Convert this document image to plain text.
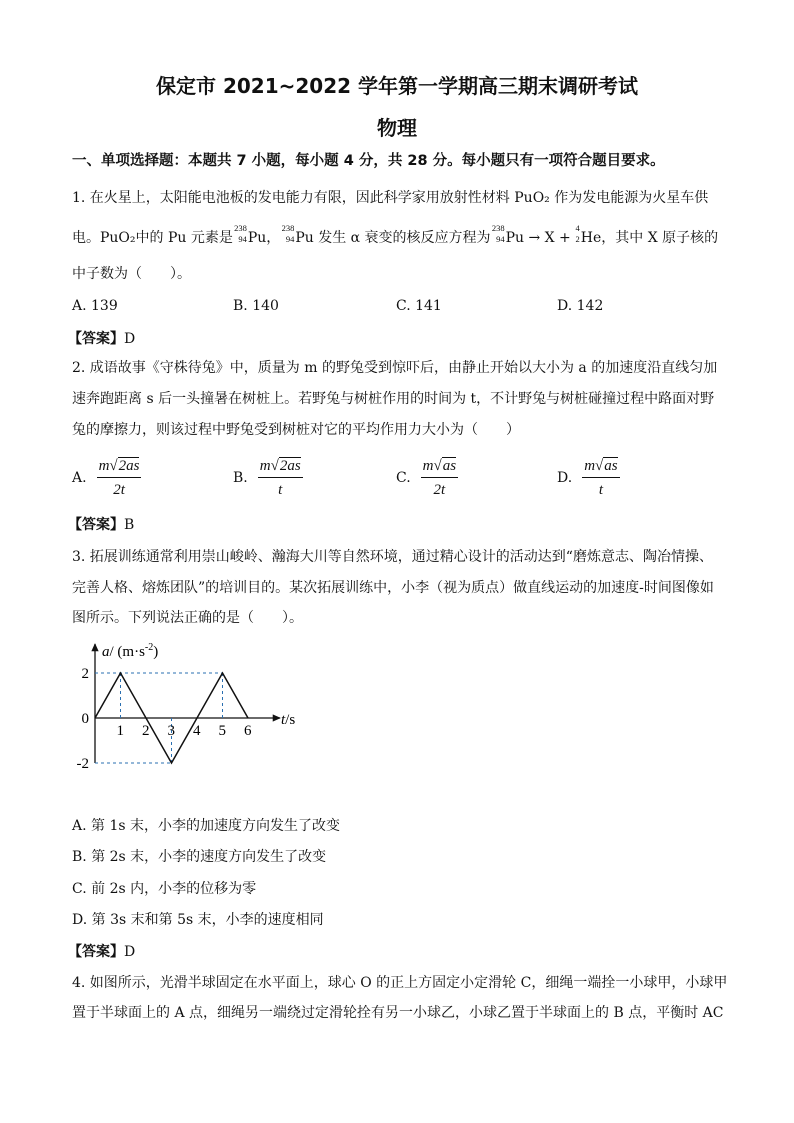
保定市 2021~2022 学年第一学期高三期末调研考试
物理
一、单项选择题：本题共 7 小题，每小题 4 分，共 28 分。每小题只有一项符合题目要求。
1. 在火星上，太阳能电池板的发电能力有限，因此科学家用放射性材料 PuO₂ 作为发电能源为火星车供
电。PuO₂中的 Pu 元素是
238
94 Pu，
238
94 Pu 发生 α 衰变的核反应方程为
238
94 Pu → X +
4
2 He，其中 X 原子核的
中子数为（　　）。
A. 139	B. 140	C. 141	D. 142
【答案】D
2. 成语故事《守株待兔》中，质量为 m 的野兔受到惊吓后，由静止开始以大小为 a 的加速度沿直线匀加
速奔跑距离 s 后一头撞暑在树桩上。若野兔与树桩作用的时间为 t，不计野兔与树桩碰撞过程中路面对野
兔的摩擦力，则该过程中野兔受到树桩对它的平均作用力大小为（　　）
A. $\frac{m√2as}{2t}$	B. $\frac{m√2as}{t}$	C. $\frac{m√as}{2t}$	D. $\frac{m√as}{t}$
【答案】B
3. 拓展训练通常利用崇山峻岭、瀚海大川等自然环境，通过精心设计的活动达到“磨炼意志、陶冶情操、
完善人格、熔炼团队”的培训目的。某次拓展训练中，小李（视为质点）做直线运动的加速度-时间图像如
图所示。下列说法正确的是（　　）。
1 2 3 4 5 6
2
0
-2
a/ $(m\cdot s^{-2})$
t/s
A. 第 1s 末，小李的加速度方向发生了改变
B. 第 2s 末，小李的速度方向发生了改变
C. 前 2s 内，小李的位移为零
D. 第 3s 末和第 5s 末，小李的速度相同
【答案】D
4. 如图所示，光滑半球固定在水平面上，球心 O 的正上方固定小定滑轮 C，细绳一端拴一小球甲，小球甲
置于半球面上的 A 点，细绳另一端绕过定滑轮拴有另一小球乙，小球乙置于半球面上的 B 点，平衡时 AC
